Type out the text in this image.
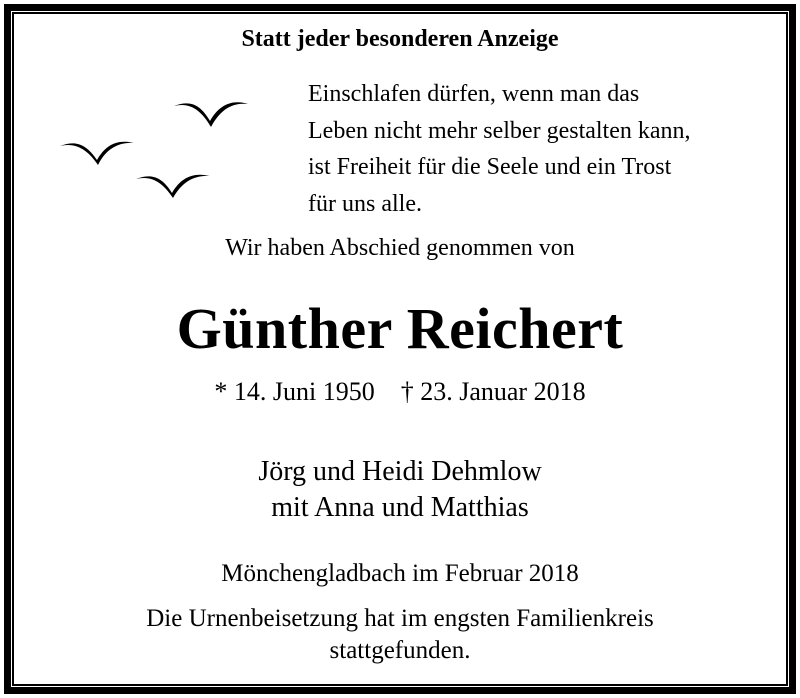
Statt jeder besonderen Anzeige
Einschlafen dürfen, wenn man das
Leben nicht mehr selber gestalten kann,
ist Freiheit für die Seele und ein Trost
für uns alle.
Wir haben Abschied genommen von
Günther Reichert
* 14. Juni 1950 † 23. Januar 2018
Jörg und Heidi Dehmlow
mit Anna und Matthias
Mönchengladbach im Februar 2018
Die Urnenbeisetzung hat im engsten Familienkreis
stattgefunden.
